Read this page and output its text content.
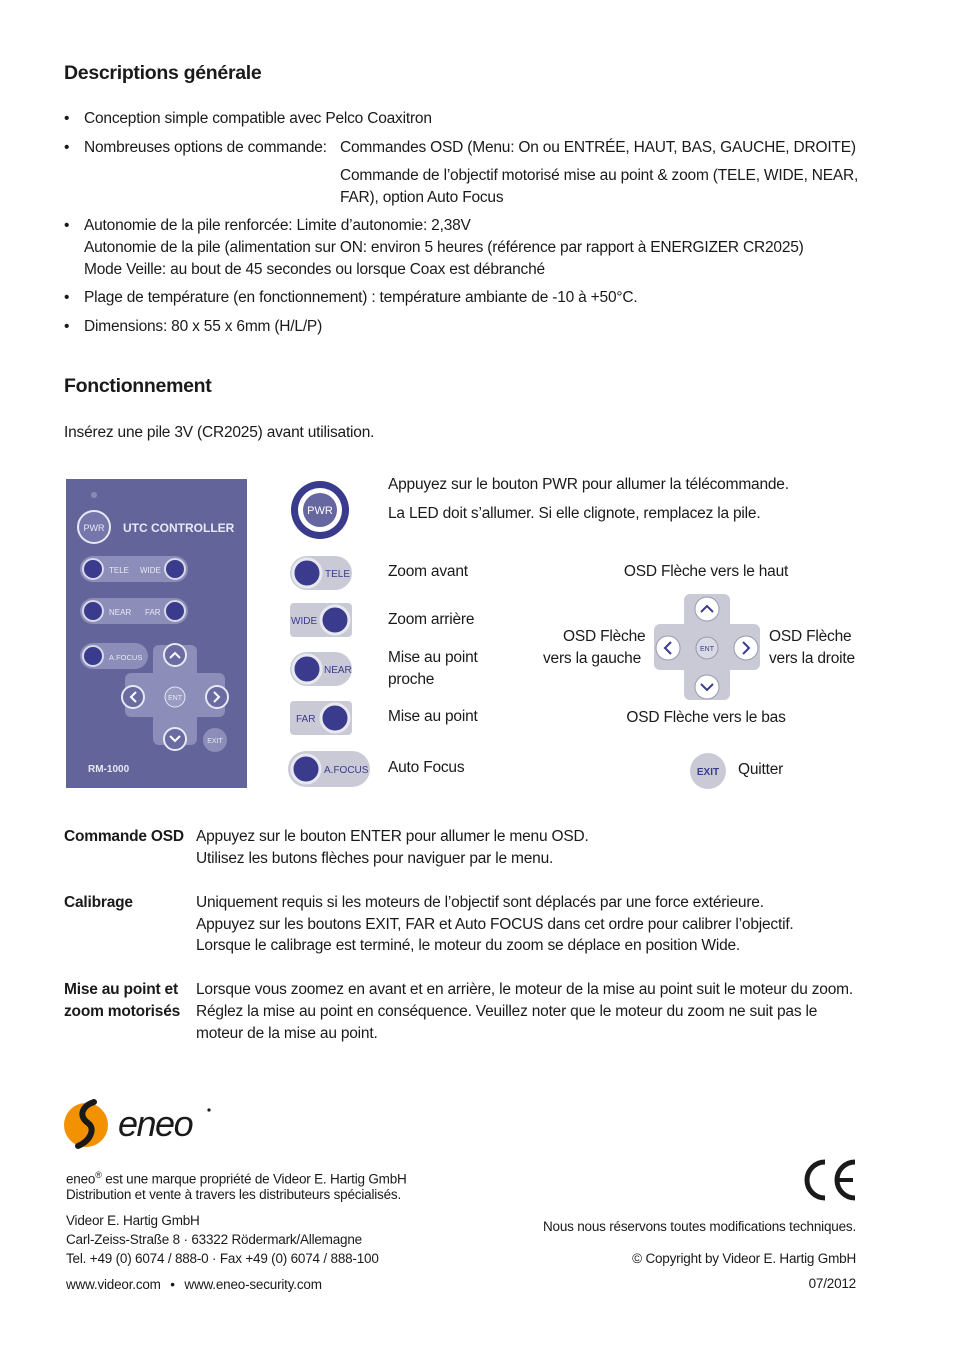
Descriptions générale
• Conception simple compatible avec Pelco Coaxitron
• Nombreuses options de commande: Commandes OSD (Menu: On ou ENTRÉE, HAUT, BAS, GAUCHE, DROITE)
Commande de l’objectif motorisé mise au point & zoom (TELE, WIDE, NEAR,
FAR), option Auto Focus
• Autonomie de la pile renforcée: Limite d’autonomie: 2,38V
Autonomie de la pile (alimentation sur ON: environ 5 heures (référence par rapport à ENERGIZER CR2025)
Mode Veille: au bout de 45 secondes ou lorsque Coax est débranché
• Plage de température (en fonctionnement) : température ambiante de -10 à +50°C.
• Dimensions: 80 x 55 x 6mm (H/L/P)
Fonctionnement
Insérez une pile 3V (CR2025) avant utilisation.
PWR UTC CONTROLLER
TELE WIDE
NEAR FAR
A.FOCUS
ENT
EXIT
RM-1000
PWR
TELE
WIDE
NEAR
FAR
A.FOCUS
Appuyez sur le bouton PWR pour allumer la télécommande.
La LED doit s’allumer. Si elle clignote, remplacez la pile.
Zoom avant
Zoom arrière
Mise au point
proche
Mise au point
Auto Focus
OSD Flèche vers le haut
OSD Flèche
vers la gauche
OSD Flèche
vers la droite
OSD Flèche vers le bas
ENT
EXIT Quitter
Commande OSD Appuyez sur le bouton ENTER pour allumer le menu OSD.
Utilisez les butons flèches pour naviguer par le menu.
Calibrage	Uniquement requis si les moteurs de l’objectif sont déplacés par une force extérieure.
Appuyez sur les boutons EXIT, FAR et Auto FOCUS dans cet ordre pour calibrer l’objectif.
Lorsque le calibrage est terminé, le moteur du zoom se déplace en position Wide.
Mise au point et
zoom motorisés
Lorsque vous zoomez en avant et en arrière, le moteur de la mise au point suit le moteur du zoom.
Réglez la mise au point en conséquence. Veuillez noter que le moteur du zoom ne suit pas le
moteur de la mise au point.
eneo
eneo® est une marque propriété de Videor E. Hartig GmbH
Distribution et vente à travers les distributeurs spécialisés.
Videor E. Hartig GmbH
Carl-Zeiss-Straße 8 · 63322 Rödermark/Allemagne
Tel. +49 (0) 6074 / 888-0 · Fax +49 (0) 6074 / 888-100
www.videor.com • www.eneo-security.com
Nous nous réservons toutes modifications techniques.
© Copyright by Videor E. Hartig GmbH
07/2012
